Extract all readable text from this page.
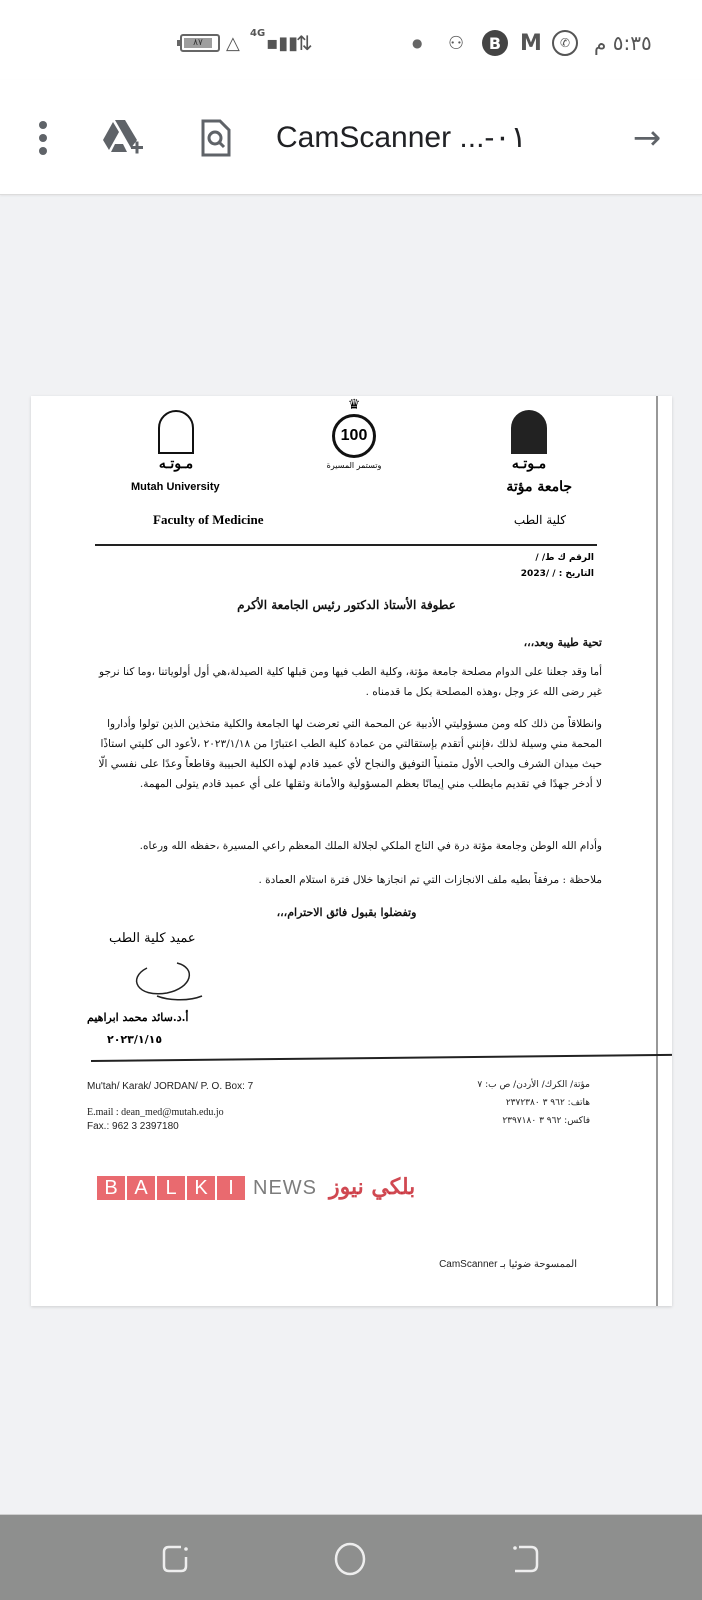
٨٧	△ 4G ▪▮▮
⇅	● ⚇	B M	✆	٥:٣٥ م
CamScanner ...-٠١	→
مـوتـه
♛
100
وتستمر المسيرة	مـوتـه
Mutah University
Faculty of Medicine
جامعة مؤتة
كلية الطب
الرقم ك ط/ /
التاريخ : / /2023
عطوفة الأستاذ الدكتور رئيس الجامعة الأكرم
تحية طيبة وبعد،،،
أما وقد جعلنا على الدوام مصلحة جامعة مؤتة، وكلية الطب فيها ومن قبلها كلية الصيدلة،هي أول أولوياتنا ،وما كنا نرجو غير رضى الله عز وجل ،وهذه المصلحة بكل ما قدمناه .
وانطلاقاً من ذلك كله ومن مسؤوليتي الأدبية عن المحمة التي تعرضت لها الجامعة والكلية متخذين الذين تولوا وأداروا المحمة مني وسيلة لذلك ،فإنني أتقدم بإستقالتي من عمادة كلية الطب اعتبارًا من ٢٠٢٣/١/١٨ ،لأعود الى كليتي استاذًا حيث ميدان الشرف والحب الأول متمنياً التوفيق والنجاح لأي عميد قادم لهذه الكلية الحبيبة وقاطعاً وعدًا على نفسي الّا لا أدخر جهدًا في تقديم مايطلب مني إيمانًا بعظم المسؤولية والأمانة وثقلها على أي عميد قادم يتولى المهمة.
وأدام الله الوطن وجامعة مؤتة درة في التاج الملكي لجلالة الملك المعظم راعي المسيرة ،حفظه الله ورعاه.
ملاحظة : مرفقاً بطيه ملف الانجازات التي تم انجازها خلال فترة استلام العمادة .
وتفضلوا بقبول فائق الاحترام،،،
عميد كلية الطب
أ.د.سائد محمد ابراهيم
٢٠٢٣/١/١٥
Mu'tah/ Karak/ JORDAN/ P. O. Box: 7
E.mail : dean_med@mutah.edu.jo
Fax.: 962 3 2397180
مؤتة/ الكرك/ الأردن/ ص ب: ٧
هاتف: ٩٦٢ ٣ ٢٣٧٢٣٨٠
فاكس: ٩٦٢ ٣ ٢٣٩٧١٨٠
الممسوحة ضوئيا بـ CamScanner
B A L K	I NEWS بلكي نيوز
